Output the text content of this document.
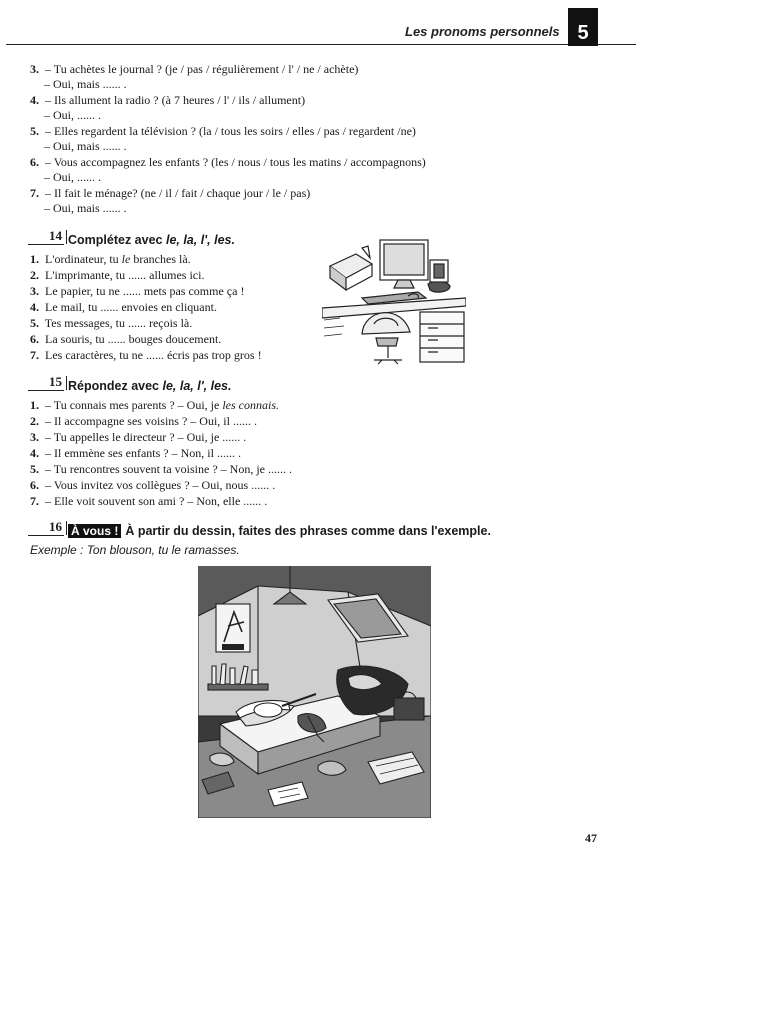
Les pronoms personnels 5
3. – Tu achètes le journal ? (je / pas / régulièrement / l' / ne / achète)
– Oui, mais ...... .
4. – Ils allument la radio ? (à 7 heures / l' / ils / allument)
– Oui, ...... .
5. – Elles regardent la télévision ? (la / tous les soirs / elles / pas / regardent /ne)
– Oui, mais ...... .
6. – Vous accompagnez les enfants ? (les / nous / tous les matins / accompagnons)
– Oui, ...... .
7. – Il fait le ménage? (ne / il / fait / chaque jour / le / pas)
– Oui, mais ...... .
14 Complétez avec le, la, l', les.
1. L'ordinateur, tu le branches là.
2. L'imprimante, tu ...... allumes ici.
3. Le papier, tu ne ...... mets pas comme ça !
4. Le mail, tu ...... envoies en cliquant.
5. Tes messages, tu ...... reçois là.
6. La souris, tu ...... bouges doucement.
7. Les caractères, tu ne ...... écris pas trop gros !
15 Répondez avec le, la, l', les.
1. – Tu connais mes parents ? – Oui, je les connais.
2. – Il accompagne ses voisins ? – Oui, il ...... .
3. – Tu appelles le directeur ? – Oui, je ...... .
4. – Il emmène ses enfants ? – Non, il ...... .
5. – Tu rencontres souvent ta voisine ? – Non, je ...... .
6. – Vous invitez vos collègues ? – Oui, nous ...... .
7. – Elle voit souvent son ami ? – Non, elle ...... .
16 À vous ! À partir du dessin, faites des phrases comme dans l'exemple.
Exemple : Ton blouson, tu le ramasses.
47
